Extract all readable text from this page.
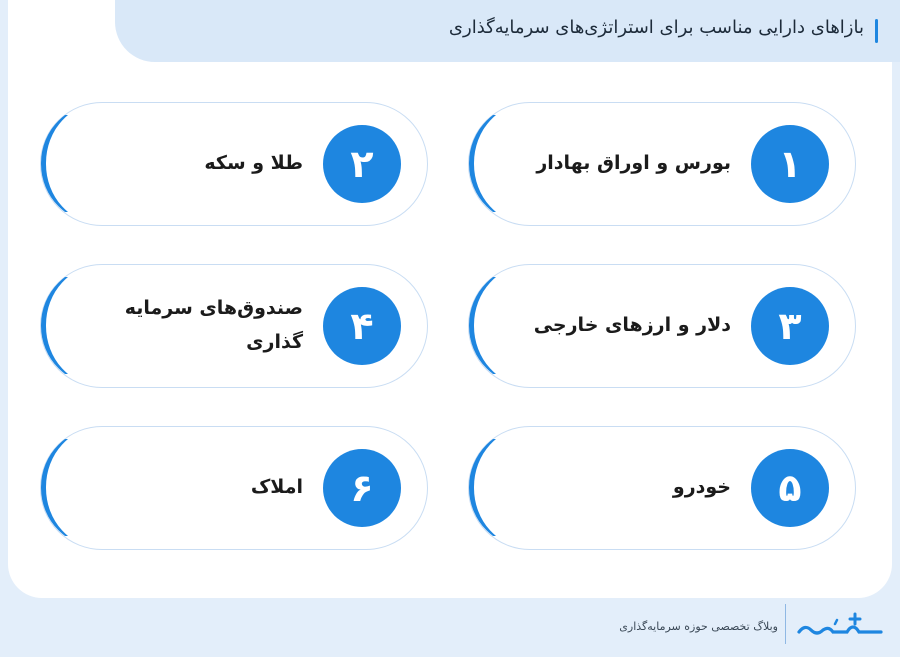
بازاهای دارایی مناسب برای استراتژی‌های سرمایه‌گذاری
۱
بورس و اوراق بهادار
۲
طلا و سکه
۳
دلار و ارزهای خارجی
۴
صندوق‌های سرمایه گذاری
۵
خودرو
۶
املاک
وبلاگ تخصصی حوزه سرمایه‌گذاری
